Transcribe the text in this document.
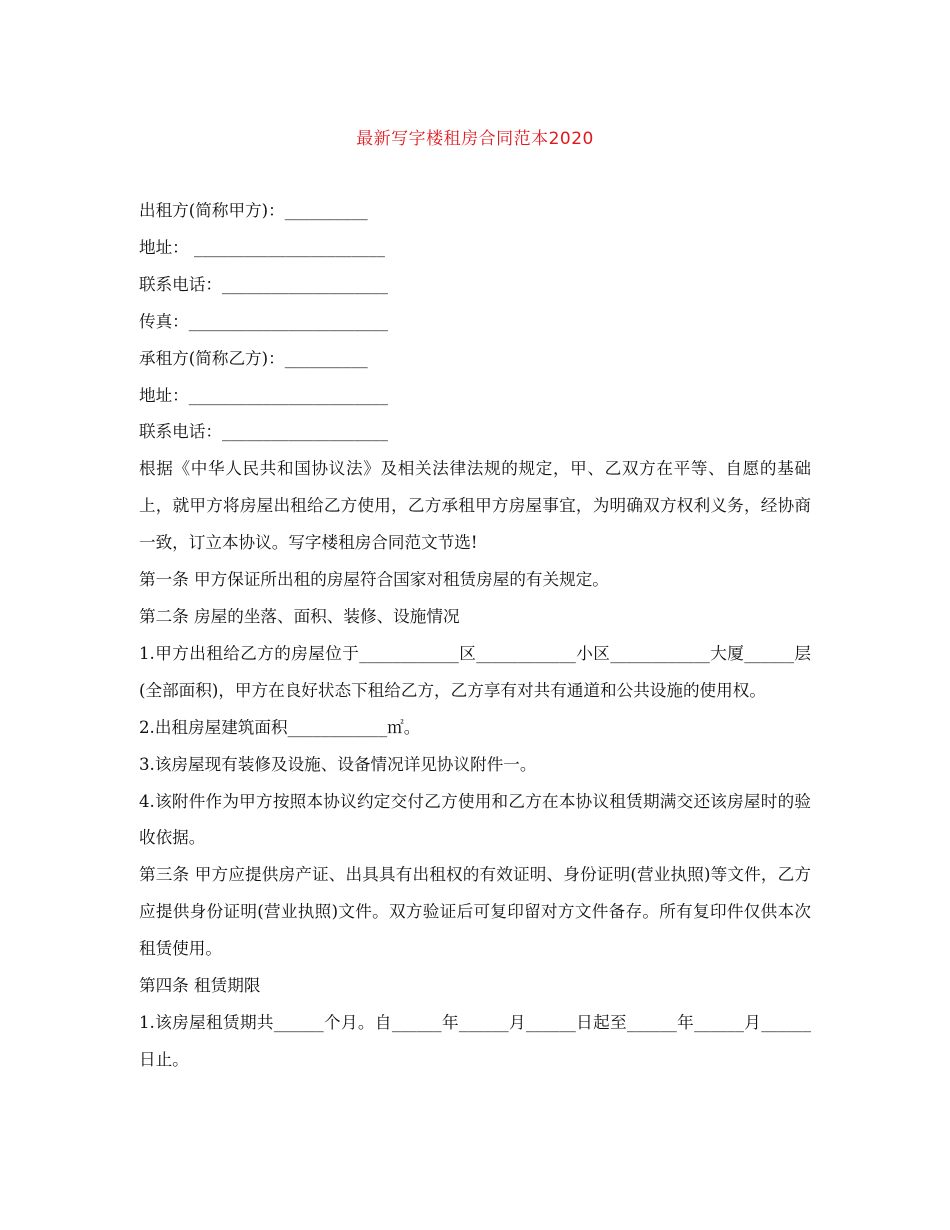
最新写字楼租房合同范本2020
出租方(简称甲方)：__________
地址： _______________________
联系电话：____________________
传真：________________________
承租方(简称乙方)：__________
地址：________________________
联系电话：____________________
根据《中华人民共和国协议法》及相关法律法规的规定，甲、乙双方在平等、自愿的基础上，就甲方将房屋出租给乙方使用，乙方承租甲方房屋事宜，为明确双方权利义务，经协商一致，订立本协议。写字楼租房合同范文节选!
第一条 甲方保证所出租的房屋符合国家对租赁房屋的有关规定。
第二条 房屋的坐落、面积、装修、设施情况
1.甲方出租给乙方的房屋位于____________区____________小区____________大厦______层(全部面积)，甲方在良好状态下租给乙方，乙方享有对共有通道和公共设施的使用权。
2.出租房屋建筑面积____________㎡。
3.该房屋现有装修及设施、设备情况详见协议附件一。
4.该附件作为甲方按照本协议约定交付乙方使用和乙方在本协议租赁期满交还该房屋时的验收依据。
第三条 甲方应提供房产证、出具具有出租权的有效证明、身份证明(营业执照)等文件，乙方应提供身份证明(营业执照)文件。双方验证后可复印留对方文件备存。所有复印件仅供本次租赁使用。
第四条 租赁期限
1.该房屋租赁期共______个月。自______年______月______日起至______年______月______日止。
